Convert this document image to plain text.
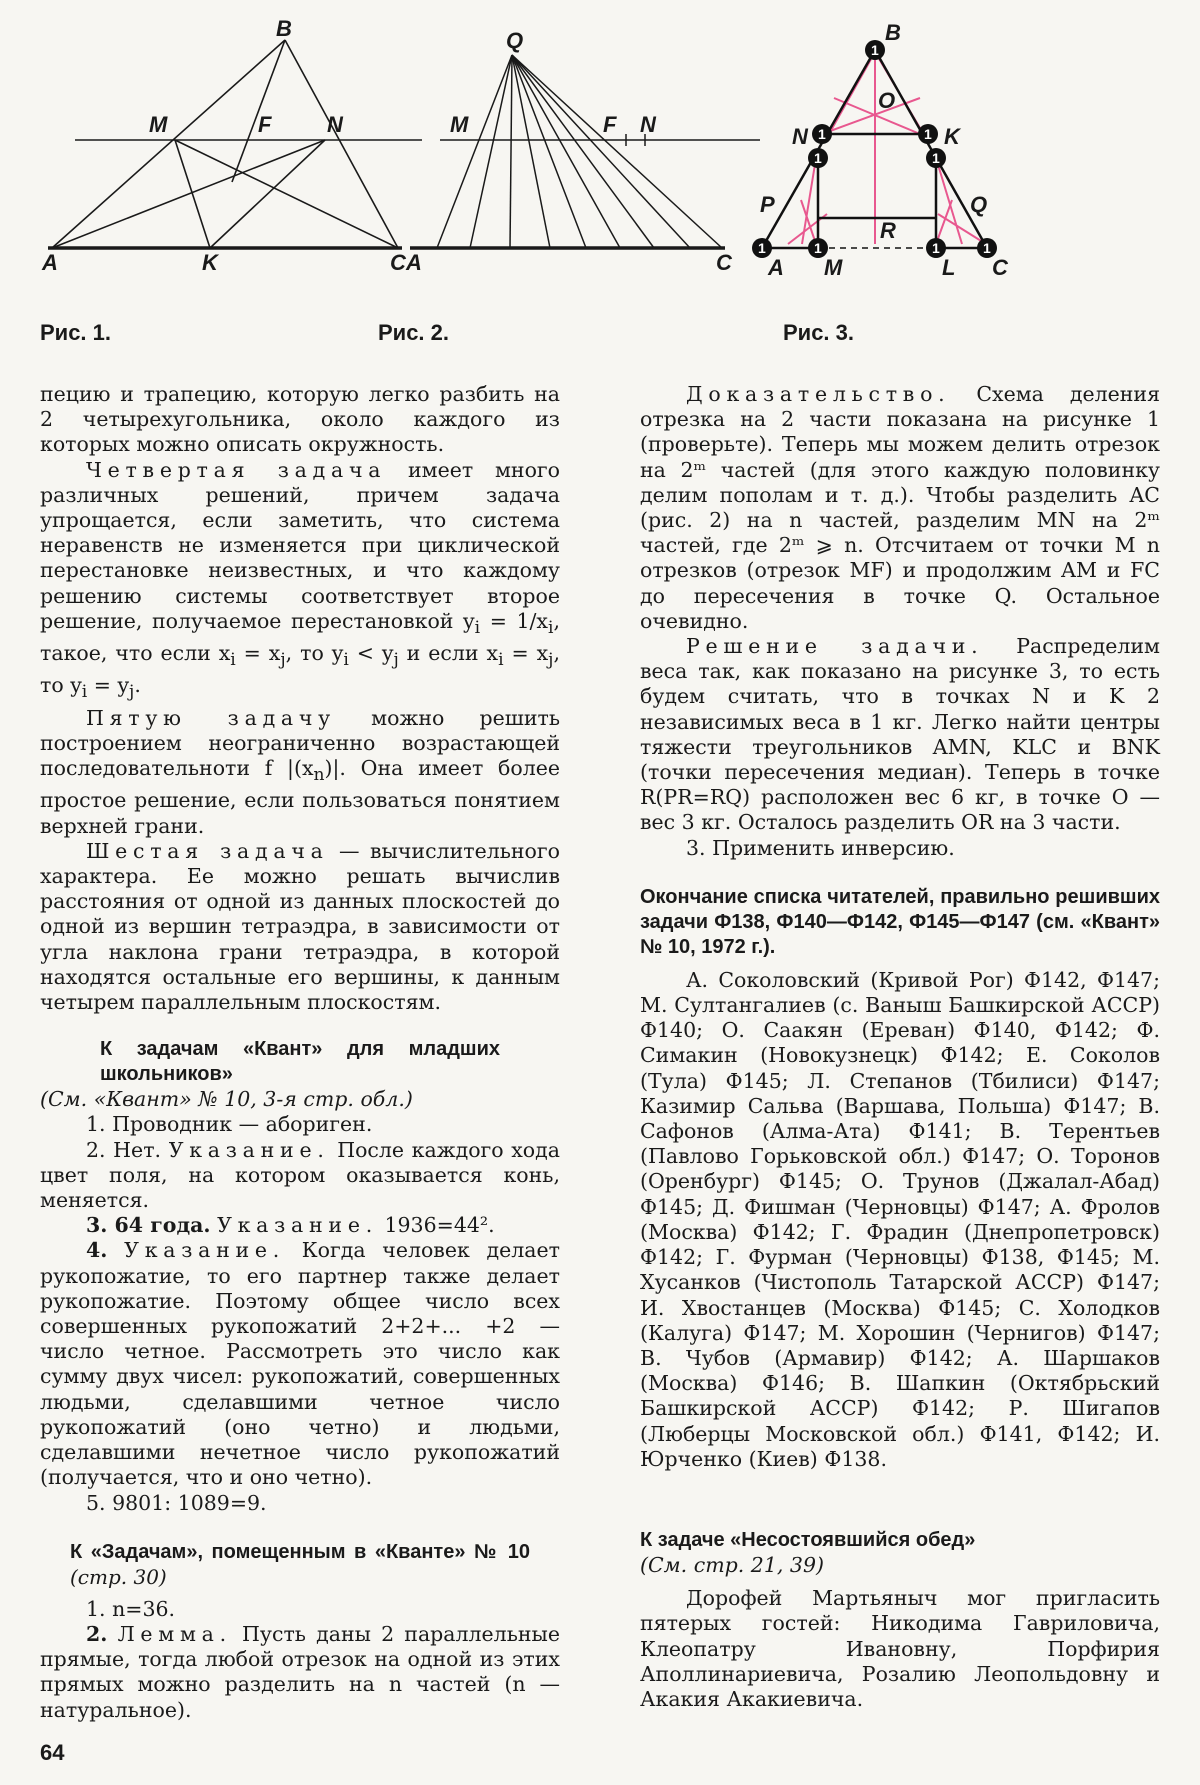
B
M	F	N
A	K	C
Рис. 1.
Q
M	F N
A	C
Рис. 2.
1
1	1
1	1
1	1	1	1
B
O
N	K
P	Q
R
A M	L C
Рис. 3.

пецию и трапецию, которую легко разбить на 2 четырехугольника, около каждого из которых можно описать окружность.

Четвертая задача имеет много различных решений, причем задача упрощается, если заметить, что система неравенств не изменяется при циклической перестановке неизвестных, и что каждому решению системы соответствует второе решение, получаемое перестановкой $y_i = 1/x_i$, такое, что если $x_i = x_j$, то $y_i < y_j$ и если $x_i = x_j$, то $y_i = y_j$.

Пятую задачу можно решить построением неограниченно возрастающей последовательноти f $|(x_n)|$. Она имеет более простое решение, если пользоваться понятием верхней грани.

Шестая задача — вычислительного характера. Ее можно решать вычислив расстояния от одной из данных плоскостей до одной из вершин тетраэдра, в зависимости от угла наклона грани тетраэдра, в которой находятся остальные его вершины, к данным четырем параллельным плоскостям.

К задачам «Квант» для младших школьников»

(См. «Квант» № 10, 3-я стр. обл.)

1. Проводник — абориген.

2. Нет. Указание. После каждого хода цвет поля, на котором оказывается конь, меняется.

3. 64 года. Указание. 1936=44².

4. Указание. Когда человек делает рукопожатие, то его партнер также делает рукопожатие. Поэтому общее число всех совершенных рукопожатий 2+2+... +2 — число четное. Рассмотреть это число как сумму двух чисел: рукопожатий, совершенных людьми, сделавшими четное число рукопожатий (оно четно) и людьми, сделавшими нечетное число рукопожатий (получается, что и оно четно).

5. 9801: 1089=9.

К «Задачам», помещенным в «Кванте» № 10 (стр. 30)

1. n=36.

2. Лемма. Пусть даны 2 параллельные прямые, тогда любой отрезок на одной из этих прямых можно разделить на n частей (n — натуральное).

Доказательство. Схема деления отрезка на 2 части показана на рисунке 1 (проверьте). Теперь мы можем делить отрезок на 2ᵐ частей (для этого каждую половинку делим пополам и т. д.). Чтобы разделить AC (рис. 2) на n частей, разделим MN на 2ᵐ частей, где 2ᵐ ⩾ n. Отсчитаем от точки M n отрезков (отрезок MF) и продолжим AM и FC до пересечения в точке Q. Остальное очевидно.

Решение задачи. Распределим веса так, как показано на рисунке 3, то есть будем считать, что в точках N и K 2 независимых веса в 1 кг. Легко найти центры тяжести треугольников AMN, KLC и BNK (точки пересечения медиан). Теперь в точке R(PR=RQ) расположен вес 6 кг, в точке O — вес 3 кг. Осталось разделить OR на 3 части.

3. Применить инверсию.

Окончание списка читателей, правильно решивших задачи Ф138, Ф140—Ф142, Ф145—Ф147 (см. «Квант» № 10, 1972 г.).

А. Соколовский (Кривой Рог) Ф142, Ф147; М. Султангалиев (с. Ваныш Башкирской АССР) Ф140; О. Саакян (Ереван) Ф140, Ф142; Ф. Симакин (Новокузнецк) Ф142; Е. Соколов (Тула) Ф145; Л. Степанов (Тбилиси) Ф147; Казимир Сальва (Варшава, Польша) Ф147; В. Сафонов (Алма-Ата) Ф141; В. Терентьев (Павлово Горьковской обл.) Ф147; О. Торонов (Оренбург) Ф145; О. Трунов (Джалал-Абад) Ф145; Д. Фишман (Черновцы) Ф147; А. Фролов (Москва) Ф142; Г. Фрадин (Днепропетровск) Ф142; Г. Фурман (Черновцы) Ф138, Ф145; М. Хусанков (Чистополь Татарской АССР) Ф147; И. Хвостанцев (Москва) Ф145; С. Холодков (Калуга) Ф147; М. Хорошин (Чернигов) Ф147; В. Чубов (Армавир) Ф142; А. Шаршаков (Москва) Ф146; В. Шапкин (Октябрьский Башкирской АССР) Ф142; Р. Шигапов (Люберцы Московской обл.) Ф141, Ф142; И. Юрченко (Киев) Ф138.

К задаче «Несостоявшийся обед»

(См. стр. 21, 39)

Дорофей Мартьяныч мог пригласить пятерых гостей: Никодима Гавриловича, Клеопатру Ивановну, Порфирия Аполлинариевича, Розалию Леопольдовну и Акакия Акакиевича.

64
